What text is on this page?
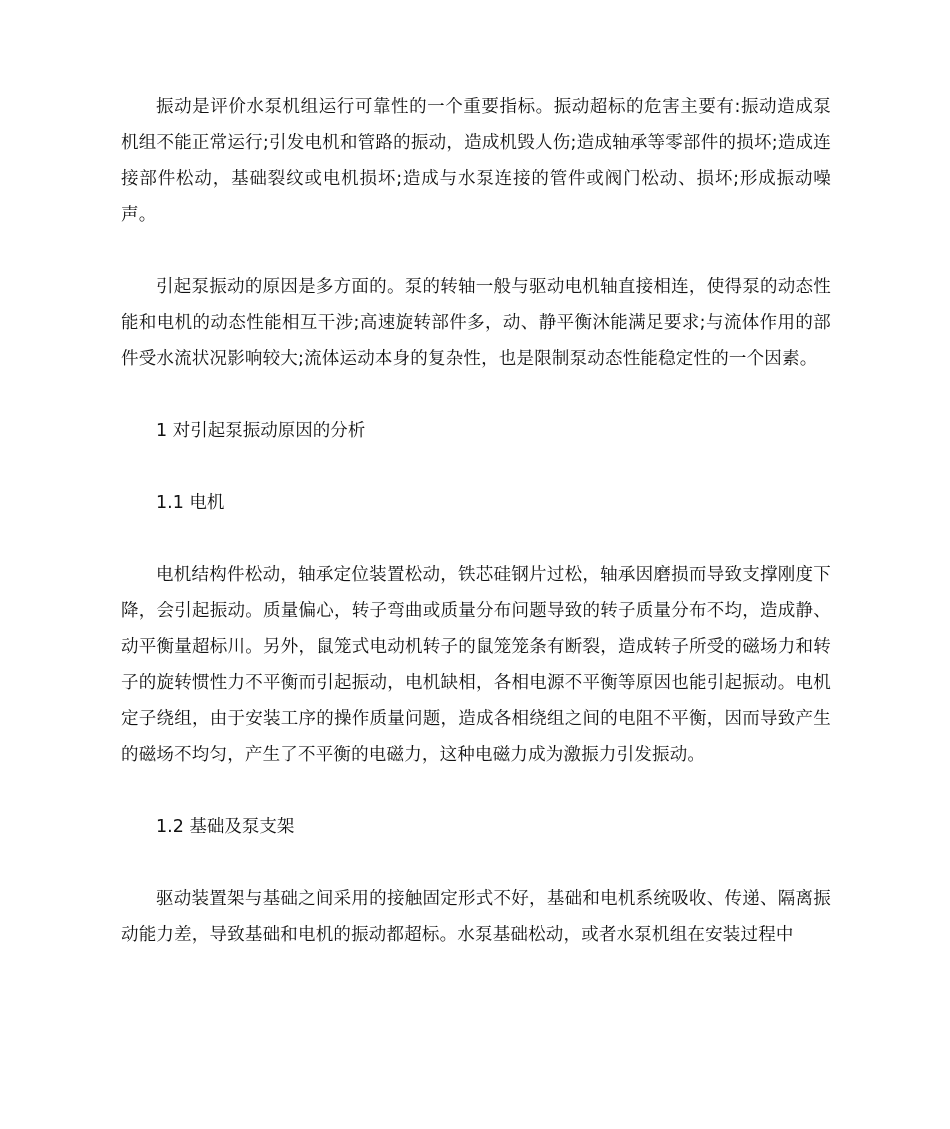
振动是评价水泵机组运行可靠性的一个重要指标。振动超标的危害主要有:振动造成泵机组不能正常运行;引发电机和管路的振动，造成机毁人伤;造成轴承等零部件的损坏;造成连接部件松动，基础裂纹或电机损坏;造成与水泵连接的管件或阀门松动、损坏;形成振动噪声。

引起泵振动的原因是多方面的。泵的转轴一般与驱动电机轴直接相连，使得泵的动态性能和电机的动态性能相互干涉;高速旋转部件多，动、静平衡沐能满足要求;与流体作用的部件受水流状况影响较大;流体运动本身的复杂性，也是限制泵动态性能稳定性的一个因素。

1 对引起泵振动原因的分析
1.1 电机

电机结构件松动，轴承定位装置松动，铁芯硅钢片过松，轴承因磨损而导致支撑刚度下降，会引起振动。质量偏心，转子弯曲或质量分布问题导致的转子质量分布不均，造成静、动平衡量超标川。另外，鼠笼式电动机转子的鼠笼笼条有断裂，造成转子所受的磁场力和转子的旋转惯性力不平衡而引起振动，电机缺相，各相电源不平衡等原因也能引起振动。电机定子绕组，由于安装工序的操作质量问题，造成各相绕组之间的电阻不平衡，因而导致产生的磁场不均匀，产生了不平衡的电磁力，这种电磁力成为激振力引发振动。

1.2 基础及泵支架

驱动装置架与基础之间采用的接触固定形式不好，基础和电机系统吸收、传递、隔离振动能力差，导致基础和电机的振动都超标。水泵基础松动，或者水泵机组在安装过程中
